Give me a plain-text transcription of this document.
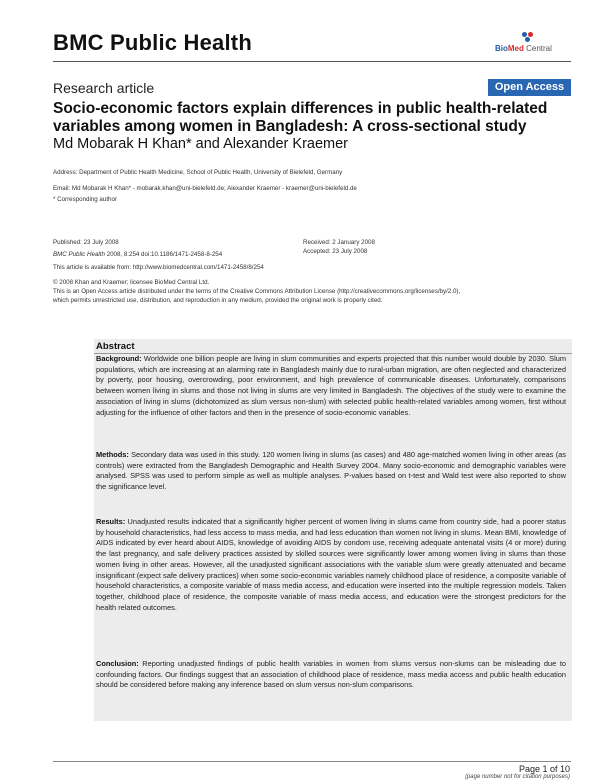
BMC Public Health	BioMed Central
Research article	Open Access
Socio-economic factors explain differences in public health-related variables among women in Bangladesh: A cross-sectional study
Md Mobarak H Khan* and Alexander Kraemer
Address: Department of Public Health Medicine, School of Public Health, University of Bielefeld, Germany
Email: Md Mobarak H Khan* - mobarak.khan@uni-bielefeld.de; Alexander Kraemer - kraemer@uni-bielefeld.de
* Corresponding author
Published: 23 July 2008
BMC Public Health 2008, 8:254 doi:10.1186/1471-2458-8-254
Received: 2 January 2008
Accepted: 23 July 2008
This article is available from: http://www.biomedcentral.com/1471-2458/8/254
© 2008 Khan and Kraemer; licensee BioMed Central Ltd.
This is an Open Access article distributed under the terms of the Creative Commons Attribution License (http://creativecommons.org/licenses/by/2.0),
which permits unrestricted use, distribution, and reproduction in any medium, provided the original work is properly cited.
Abstract
Background: Worldwide one billion people are living in slum communities and experts projected that this number would double by 2030. Slum populations, which are increasing at an alarming rate in Bangladesh mainly due to rural-urban migration, are often neglected and characterized by poverty, poor housing, overcrowding, poor environment, and high prevalence of communicable diseases. Unfortunately, comparisons between women living in slums and those not living in slums are very limited in Bangladesh. The objectives of the study were to examine the association of living in slums (dichotomized as slum versus non-slum) with selected public health-related variables among women, first without adjusting for the influence of other factors and then in the presence of socio-economic variables.
Methods: Secondary data was used in this study. 120 women living in slums (as cases) and 480 age-matched women living in other areas (as controls) were extracted from the Bangladesh Demographic and Health Survey 2004. Many socio-economic and demographic variables were analysed. SPSS was used to perform simple as well as multiple analyses. P-values based on t-test and Wald test were also reported to show the significance level.
Results: Unadjusted results indicated that a significantly higher percent of women living in slums came from country side, had a poorer status by household characteristics, had less access to mass media, and had less education than women not living in slums. Mean BMI, knowledge of AIDS indicated by ever heard about AIDS, knowledge of avoiding AIDS by condom use, receiving adequate antenatal visits (4 or more) during the last pregnancy, and safe delivery practices assisted by skilled sources were significantly lower among women living in slums than those women living in other areas. However, all the unadjusted significant associations with the variable slum were greatly attenuated and became insignificant (expect safe delivery practices) when some socio-economic variables namely childhood place of residence, a composite variable of household characteristics, a composite variable of mass media access, and education were inserted into the multiple regression models. Taken together, childhood place of residence, the composite variable of mass media access, and education were the strongest predictors for the health related outcomes.
Conclusion: Reporting unadjusted findings of public health variables in women from slums versus non-slums can be misleading due to confounding factors. Our findings suggest that an association of childhood place of residence, mass media access and public health education should be considered before making any inference based on slum versus non-slum comparisons.
Page 1 of 10
(page number not for citation purposes)
